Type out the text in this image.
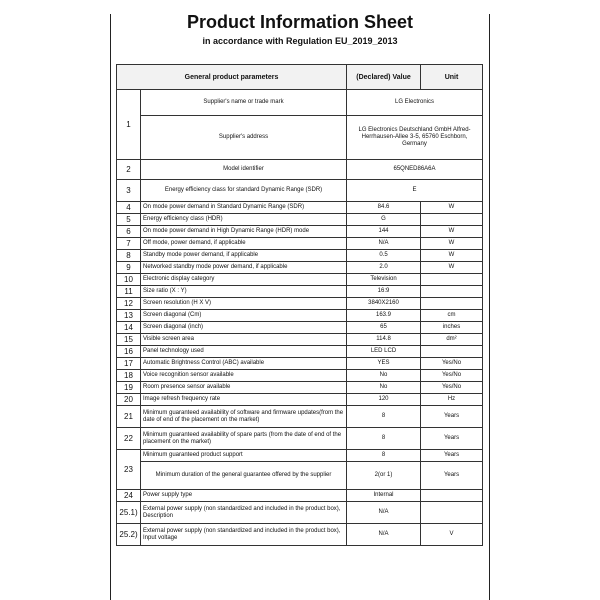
Product Information Sheet
in accordance with Regulation EU_2019_2013
General product parameters		(Declared) Value	Unit
1	Supplier's name or trade mark	LG Electronics	
	Supplier's address	LG Electronics Deutschland GmbH Alfred-Herrhausen-Allee 3-5, 65760 Eschborn, Germany	
2	Model identifier	65QNED86A6A	
3	Energy efficiency class for standard Dynamic Range (SDR)	E	
4	On mode power demand in Standard Dynamic Range (SDR)	84.6	W
5	Energy efficiency class (HDR)	G	
6	On mode power demand in High Dynamic Range (HDR) mode	144	W
7	Off mode, power demand, if applicable	N/A	W
8	Standby mode power demand, if applicable	0.5	W
9	Networked standby mode power demand, if applicable	2.0	W
10	Electronic display category	Television	
11	Size ratio (X : Y)	16:9	
12	Screen resolution (H X V)	3840X2160	
13	Screen diagonal (Cm)	163.9	cm
14	Screen diagonal (inch)	65	inches
15	Visible screen area	114.8	dm²
16	Panel technology used	LED LCD	
17	Automatic Brightness Control (ABC) available	YES	Yes/No
18	Voice recognition sensor available	No	Yes/No
19	Room presence sensor available	No	Yes/No
20	Image refresh frequency rate	120	Hz
21	Minimum guaranteed availability of software and firmware updates(from the date of end of the placement on the market)	8	Years
22	Minimum guaranteed availability of spare parts (from the date of end of the placement on the market)	8	Years
23	Minimum guaranteed product support	8	Years
	Minimum duration of the general guarantee offered by the supplier	2(or 1)	Years
24	Power supply type	Internal	
25.1)	External power supply (non standardized and included in the product box), Description	N/A	
25.2)	External power supply (non standardized and included in the product box), Input voltage	N/A	V
